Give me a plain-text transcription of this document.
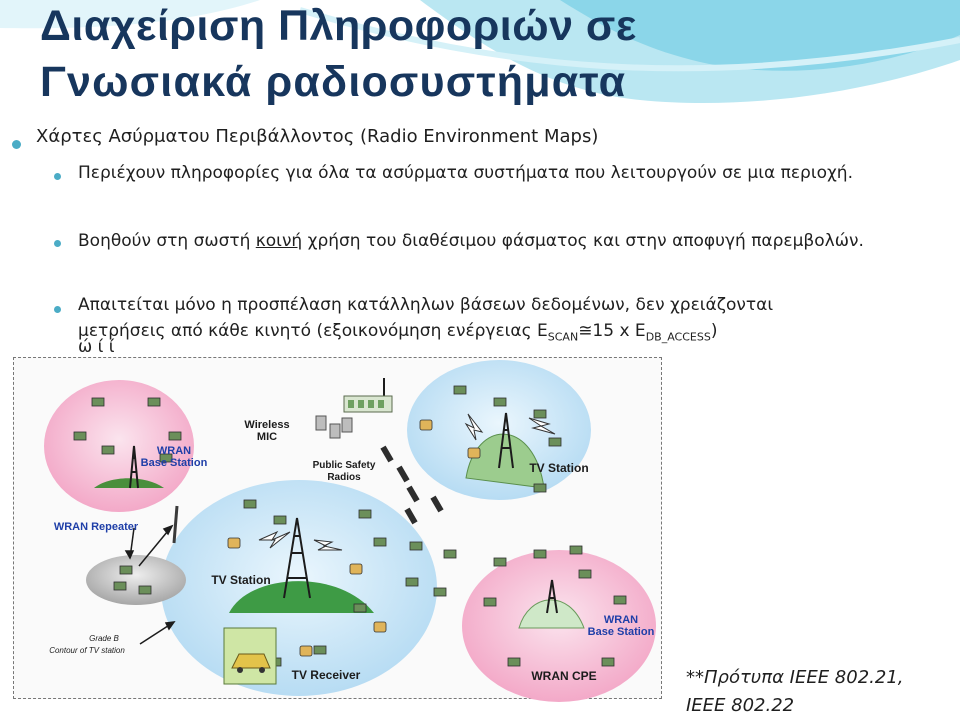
Διαχείριση Πληροφοριών σε
Γνωσιακά ραδιοσυστήματα
Χάρτες Ασύρματου Περιβάλλοντος (Radio Environment Maps)
Περιέχουν πληροφορίες για όλα τα ασύρματα συστήματα που λειτουργούν σε μια περιοχή.
Βοηθούν στη σωστή κοινή χρήση του διαθέσιμου φάσματος και στην αποφυγή παρεμβολών.
Απαιτείται μόνο η προσπέλαση κατάλληλων βάσεων δεδομένων, δεν χρειάζονται
μετρήσεις από κάθε κινητό (εξοικονόμηση ενέργειας $E_{SCAN}≅15$ x $E_{DB\_ACCESS}$)
ώ ί ί
Wireless MIC
WRAN Base Station	Public Safety Radios
TV Station
WRAN Repeater
TV Station
Grade B
Contour of TV station
TV Receiver
WRAN Base Station
WRAN CPE	**Πρότυπα IEEE 802.21,
IEEE 802.22
